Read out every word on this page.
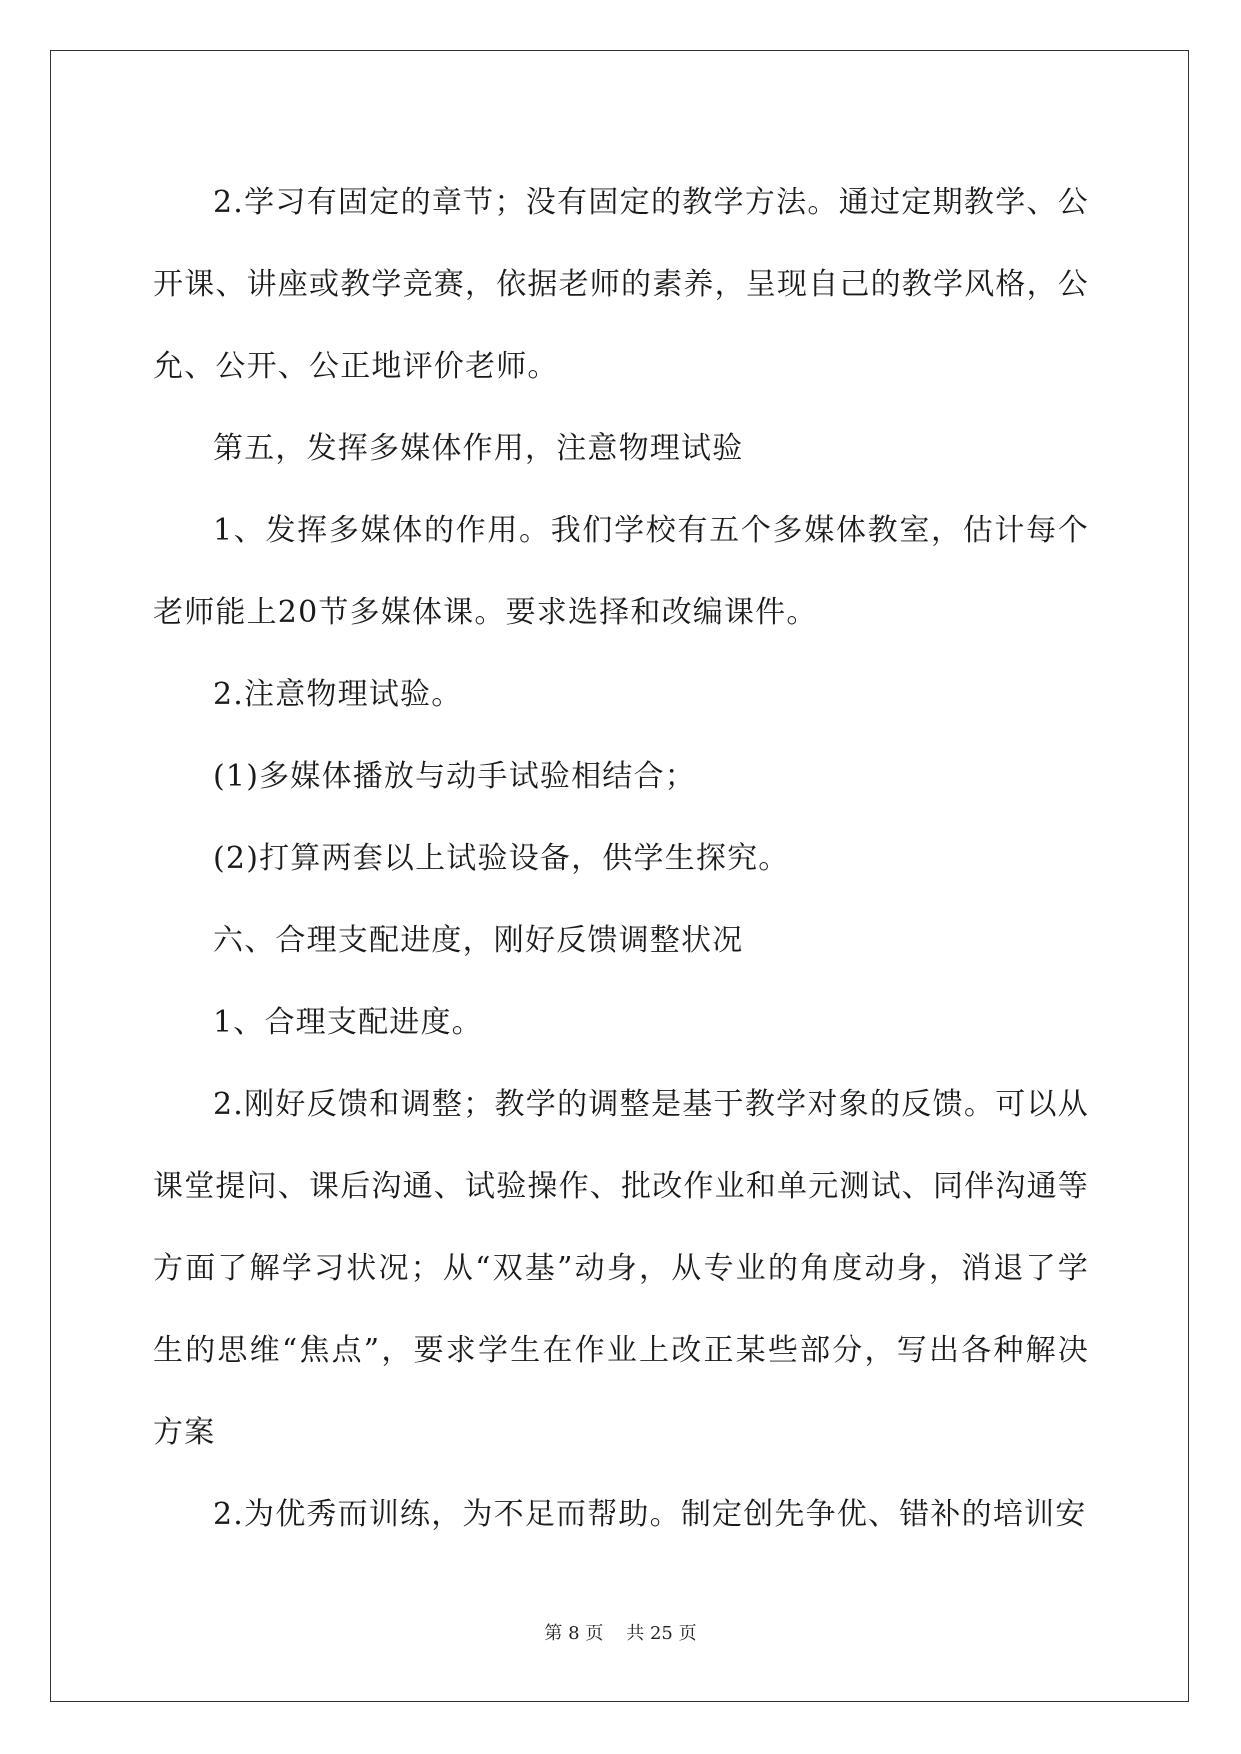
2.学习有固定的章节；没有固定的教学方法。通过定期教学、公开课、讲座或教学竞赛，依据老师的素养，呈现自己的教学风格，公允、公开、公正地评价老师。

第五，发挥多媒体作用，注意物理试验

1、发挥多媒体的作用。我们学校有五个多媒体教室，估计每个老师能上20节多媒体课。要求选择和改编课件。

2.注意物理试验。

(1)多媒体播放与动手试验相结合；

(2)打算两套以上试验设备，供学生探究。

六、合理支配进度，刚好反馈调整状况

1、合理支配进度。

2.刚好反馈和调整；教学的调整是基于教学对象的反馈。可以从课堂提问、课后沟通、试验操作、批改作业和单元测试、同伴沟通等方面了解学习状况；从“双基”动身，从专业的角度动身，消退了学生的思维“焦点”，要求学生在作业上改正某些部分，写出各种解决方案

2.为优秀而训练，为不足而帮助。制定创先争优、错补的培训安

第 8 页 共 25 页
